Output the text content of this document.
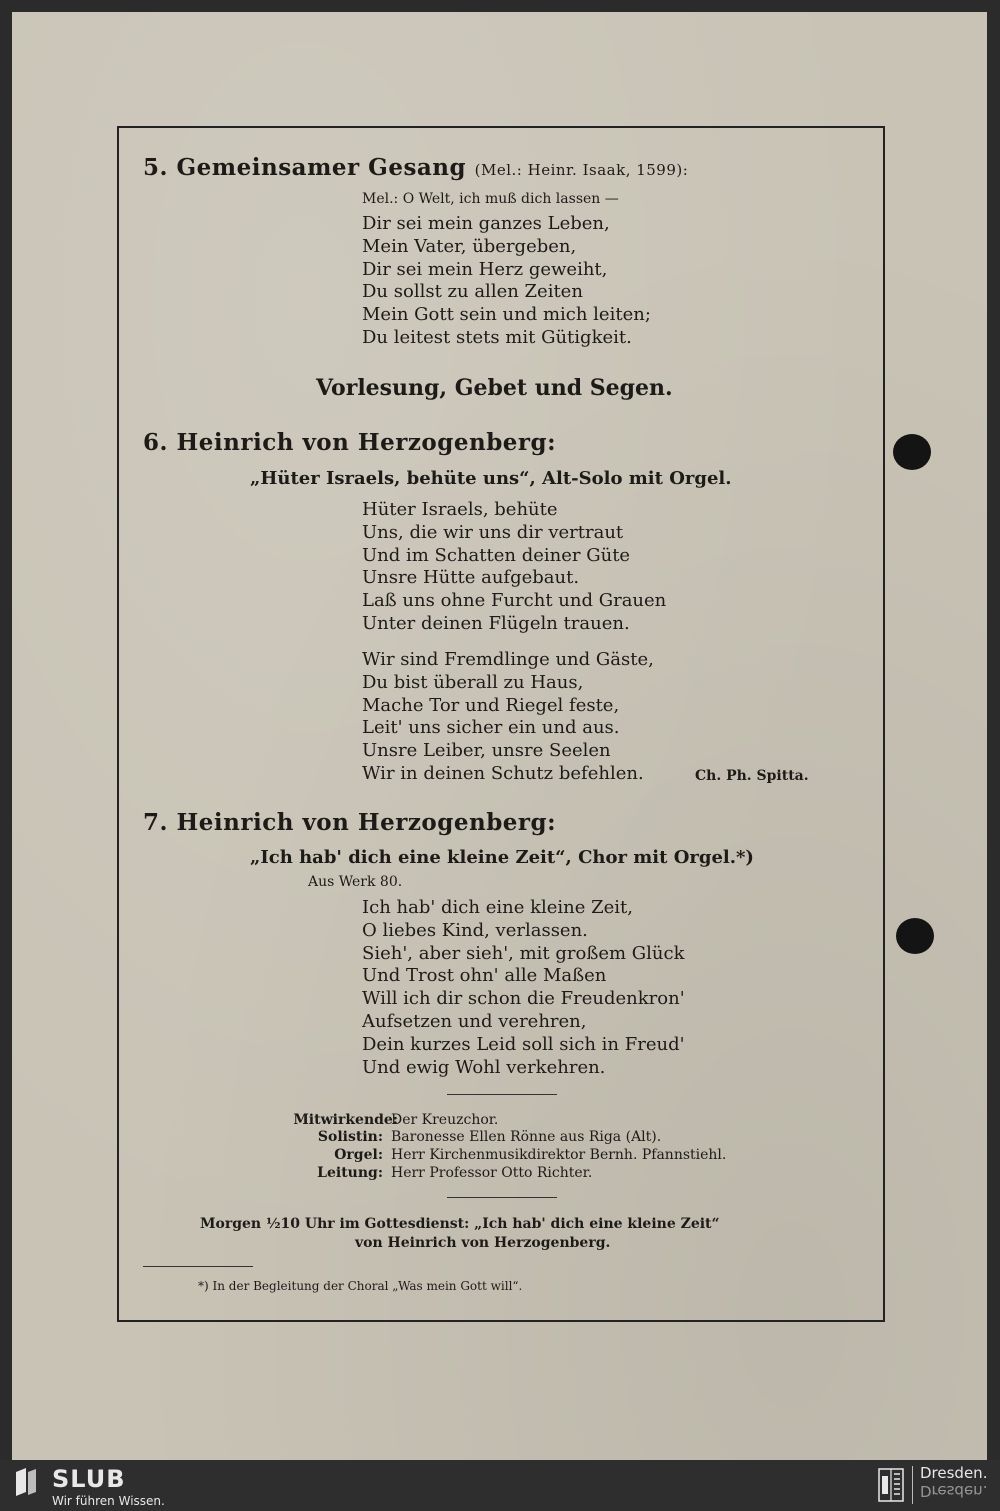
5. Gemeinsamer Gesang (Mel.: Heinr. Isaak, 1599):
Mel.: O Welt, ich muß dich lassen —
Dir sei mein ganzes Leben,
Mein Vater, übergeben,
Dir sei mein Herz geweiht,
Du sollst zu allen Zeiten
Mein Gott sein und mich leiten;
Du leitest stets mit Gütigkeit.
Vorlesung, Gebet und Segen.
6. Heinrich von Herzogenberg:
„Hüter Israels, behüte uns“, Alt-Solo mit Orgel.
Hüter Israels, behüte
Uns, die wir uns dir vertraut
Und im Schatten deiner Güte
Unsre Hütte aufgebaut.
Laß uns ohne Furcht und Grauen
Unter deinen Flügeln trauen.
Wir sind Fremdlinge und Gäste,
Du bist überall zu Haus,
Mache Tor und Riegel feste,
Leit' uns sicher ein und aus.
Unsre Leiber, unsre Seelen
Wir in deinen Schutz befehlen.	Ch. Ph. Spitta.
7. Heinrich von Herzogenberg:
„Ich hab' dich eine kleine Zeit“, Chor mit Orgel.*)
Aus Werk 80.
Ich hab' dich eine kleine Zeit,
O liebes Kind, verlassen.
Sieh', aber sieh', mit großem Glück
Und Trost ohn' alle Maßen
Will ich dir schon die Freudenkron'
Aufsetzen und verehren,
Dein kurzes Leid soll sich in Freud'
Und ewig Wohl verkehren.
Mitwirkende:
Der Kreuzchor.
Solistin: Baronesse Ellen Rönne aus Riga (Alt).
Orgel: Herr Kirchenmusikdirektor Bernh. Pfannstiehl.
Leitung: Herr Professor Otto Richter.
Morgen ½10 Uhr im Gottesdienst: „Ich hab' dich eine kleine Zeit“
von Heinrich von Herzogenberg.
*) In der Begleitung der Choral „Was mein Gott will“.
SLUB
Wir führen Wissen.
Dresden.
Dresden.
